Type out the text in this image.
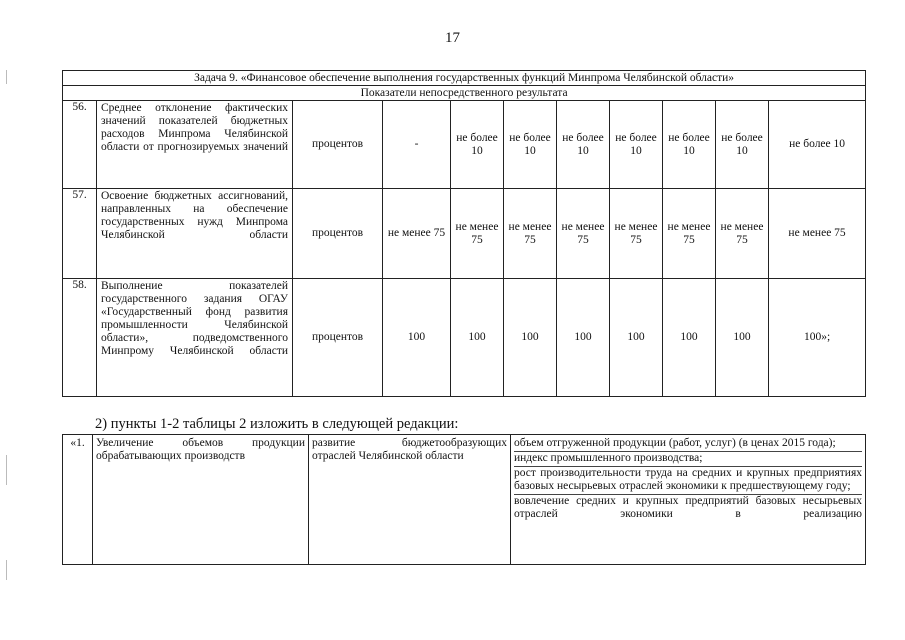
17
Задача 9. «Финансовое обеспечение выполнения государственных функций Минпрома Челябинской области»										
Показатели непосредственного результата										
56.	Среднее отклонение фактических значений показателей бюджетных расходов Минпрома Челябинской области от прогнозируемых значений	процентов	-	не более 10	не более 10	не более 10	не более 10	не более 10	не более 10	не более 10
57.	Освоение бюджетных ассигнований, направленных на обеспечение государственных нужд Минпрома Челябинской области	процентов	не менее 75	не менее 75	не менее 75	не менее 75	не менее 75	не менее 75	не менее 75	не менее 75
58.	Выполнение показателей государственного задания ОГАУ «Государственный фонд развития промышленности Челябинской области», подведомственного Минпрому Челябинской области	процентов	100	100	100	100	100	100	100	100»;
2) пункты 1-2 таблицы 2 изложить в следующей редакции:
«1.	Увеличение объемов продукции обрабатывающих производств	развитие бюджетообразующих отраслей Челябинской области	

объем отгруженной продукции (работ, услуг) (в ценах 2015 года);

индекс промышленного производства;

рост производительности труда на средних и крупных предприятиях базовых несырьевых отраслей экономики к предшествующему году;

вовлечение средних и крупных предприятий базовых несырьевых отраслей экономики в реализацию
